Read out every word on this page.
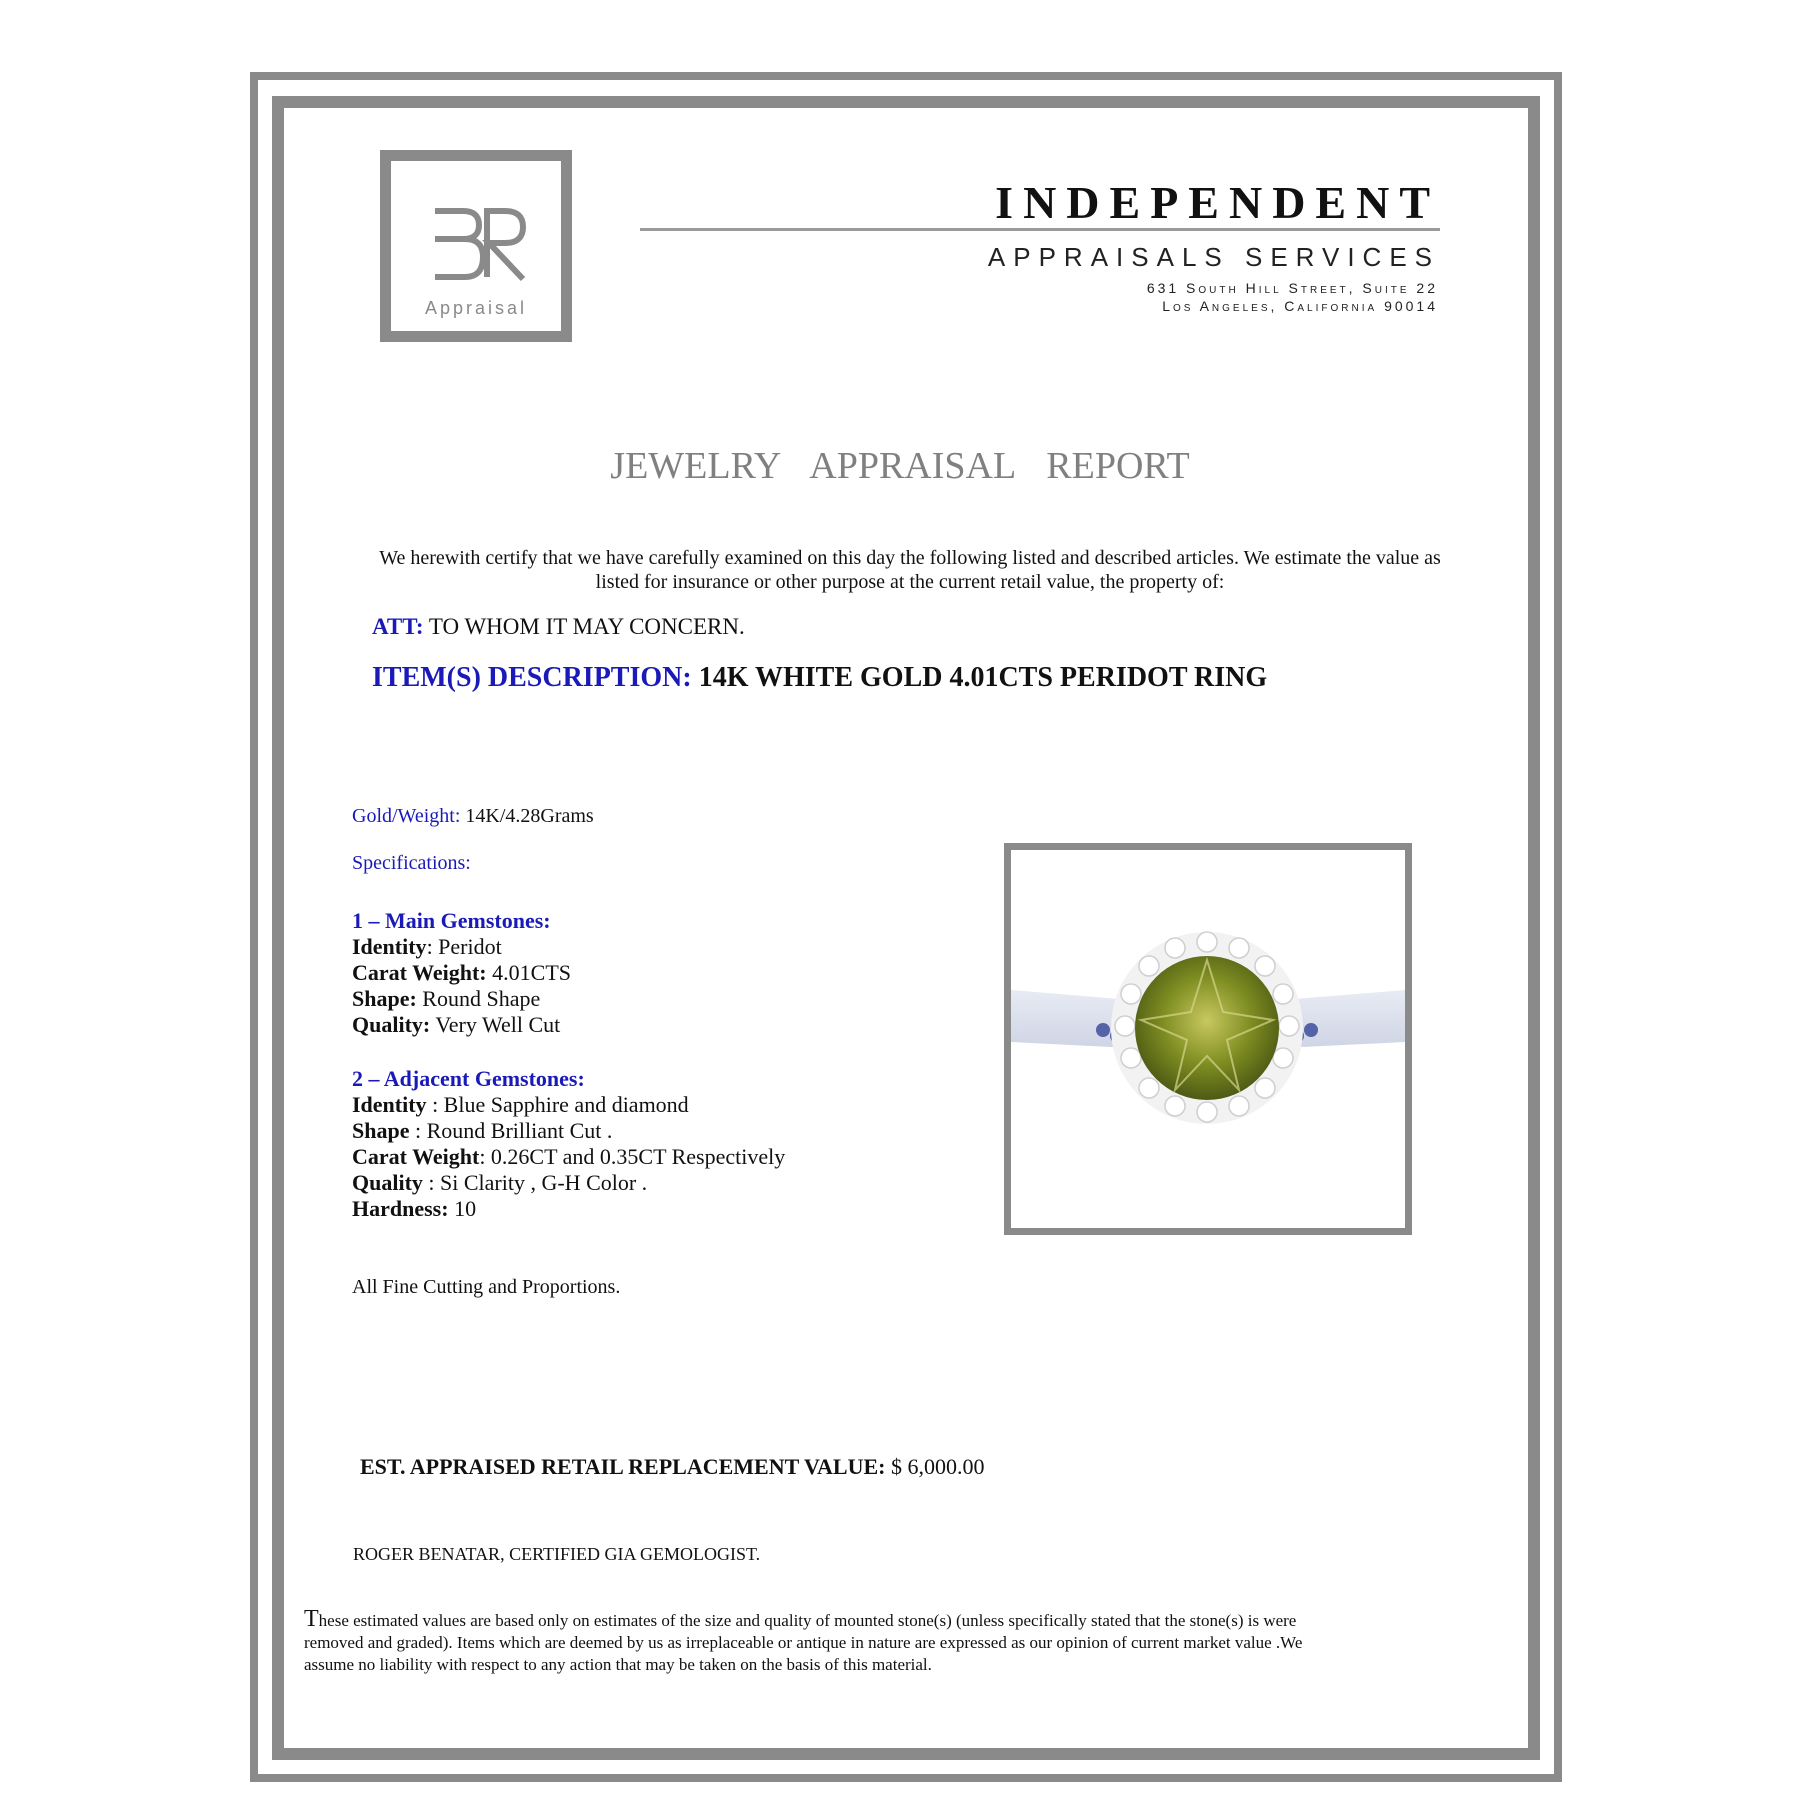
Appraisal
INDEPENDENT
APPRAISALS SERVICES
631 South Hill Street, Suite 22
Los Angeles, California 90014
JEWELRY APPRAISAL REPORT
We herewith certify that we have carefully examined on this day the following listed and described articles. We estimate the value as listed for insurance or other purpose at the current retail value, the property of:
ATT: TO WHOM IT MAY CONCERN.
ITEM(S) DESCRIPTION: 14K WHITE GOLD 4.01CTS PERIDOT RING
Gold/Weight: 14K/4.28Grams
Specifications:
1 – Main Gemstones:
Identity: Peridot
Carat Weight: 4.01CTS
Shape: Round Shape
Quality: Very Well Cut
2 – Adjacent Gemstones:
Identity : Blue Sapphire and diamond
Shape : Round Brilliant Cut .
Carat Weight: 0.26CT and 0.35CT Respectively
Quality : Si Clarity , G-H Color .
Hardness: 10
All Fine Cutting and Proportions.
EST. APPRAISED RETAIL REPLACEMENT VALUE: $ 6,000.00
ROGER BENATAR, CERTIFIED GIA GEMOLOGIST.
These estimated values are based only on estimates of the size and quality of mounted stone(s) (unless specifically stated that the stone(s) is were removed and graded). Items which are deemed by us as irreplaceable or antique in nature are expressed as our opinion of current market value .We assume no liability with respect to any action that may be taken on the basis of this material.
